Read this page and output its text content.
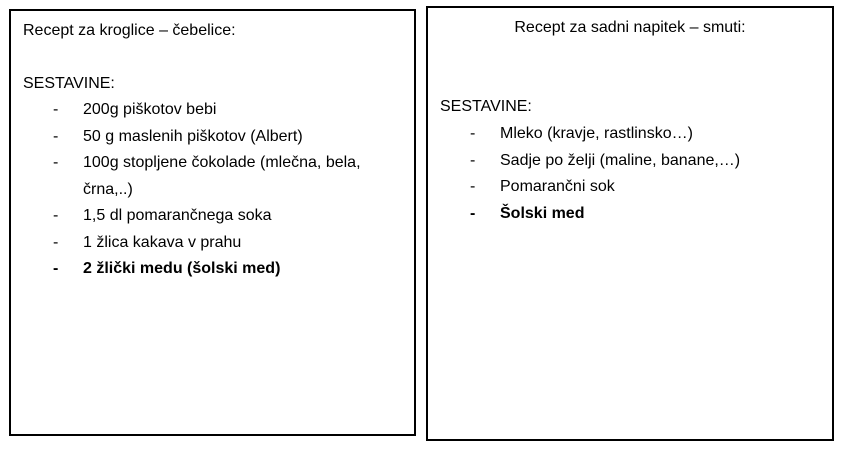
Recept za kroglice – čebelice:
SESTAVINE:
- 200g piškotov bebi
- 50 g maslenih piškotov (Albert)
- 100g stopljene čokolade (mlečna, bela, črna,..)
- 1,5 dl pomarančnega soka
- 1 žlica kakava v prahu
- 2 žlički medu (šolski med)
Recept za sadni napitek – smuti:
SESTAVINE:
- Mleko (kravje, rastlinsko…)
- Sadje po želji (maline, banane,…)
- Pomarančni sok
- Šolski med
